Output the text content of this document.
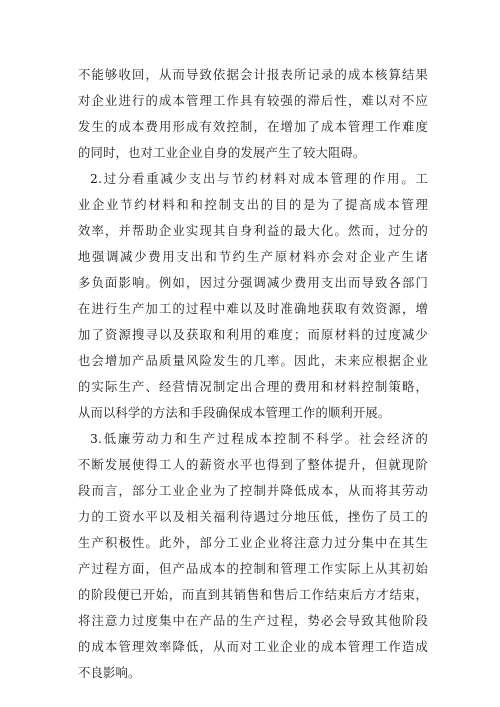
不能够收回，从而导致依据会计报表所记录的成本核算结果
对企业进行的成本管理工作具有较强的滞后性，难以对不应
发生的成本费用形成有效控制，在增加了成本管理工作难度
的同时，也对工业企业自身的发展产生了较大阻碍。
2.过分看重减少支出与节约材料对成本管理的作用。工
业企业节约材料和和控制支出的目的是为了提高成本管理
效率，并帮助企业实现其自身利益的最大化。然而，过分的
地强调减少费用支出和节约生产原材料亦会对企业产生诸
多负面影响。例如，因过分强调减少费用支出而导致各部门
在进行生产加工的过程中难以及时准确地获取有效资源，增
加了资源搜寻以及获取和利用的难度；而原材料的过度减少
也会增加产品质量风险发生的几率。因此，未来应根据企业
的实际生产、经营情况制定出合理的费用和材料控制策略，
从而以科学的方法和手段确保成本管理工作的顺利开展。
3.低廉劳动力和生产过程成本控制不科学。社会经济的
不断发展使得工人的薪资水平也得到了整体提升，但就现阶
段而言，部分工业企业为了控制并降低成本，从而将其劳动
力的工资水平以及相关福利待遇过分地压低，挫伤了员工的
生产积极性。此外，部分工业企业将注意力过分集中在其生
产过程方面，但产品成本的控制和管理工作实际上从其初始
的阶段便已开始，而直到其销售和售后工作结束后方才结束，
将注意力过度集中在产品的生产过程，势必会导致其他阶段
的成本管理效率降低，从而对工业企业的成本管理工作造成
不良影响。
